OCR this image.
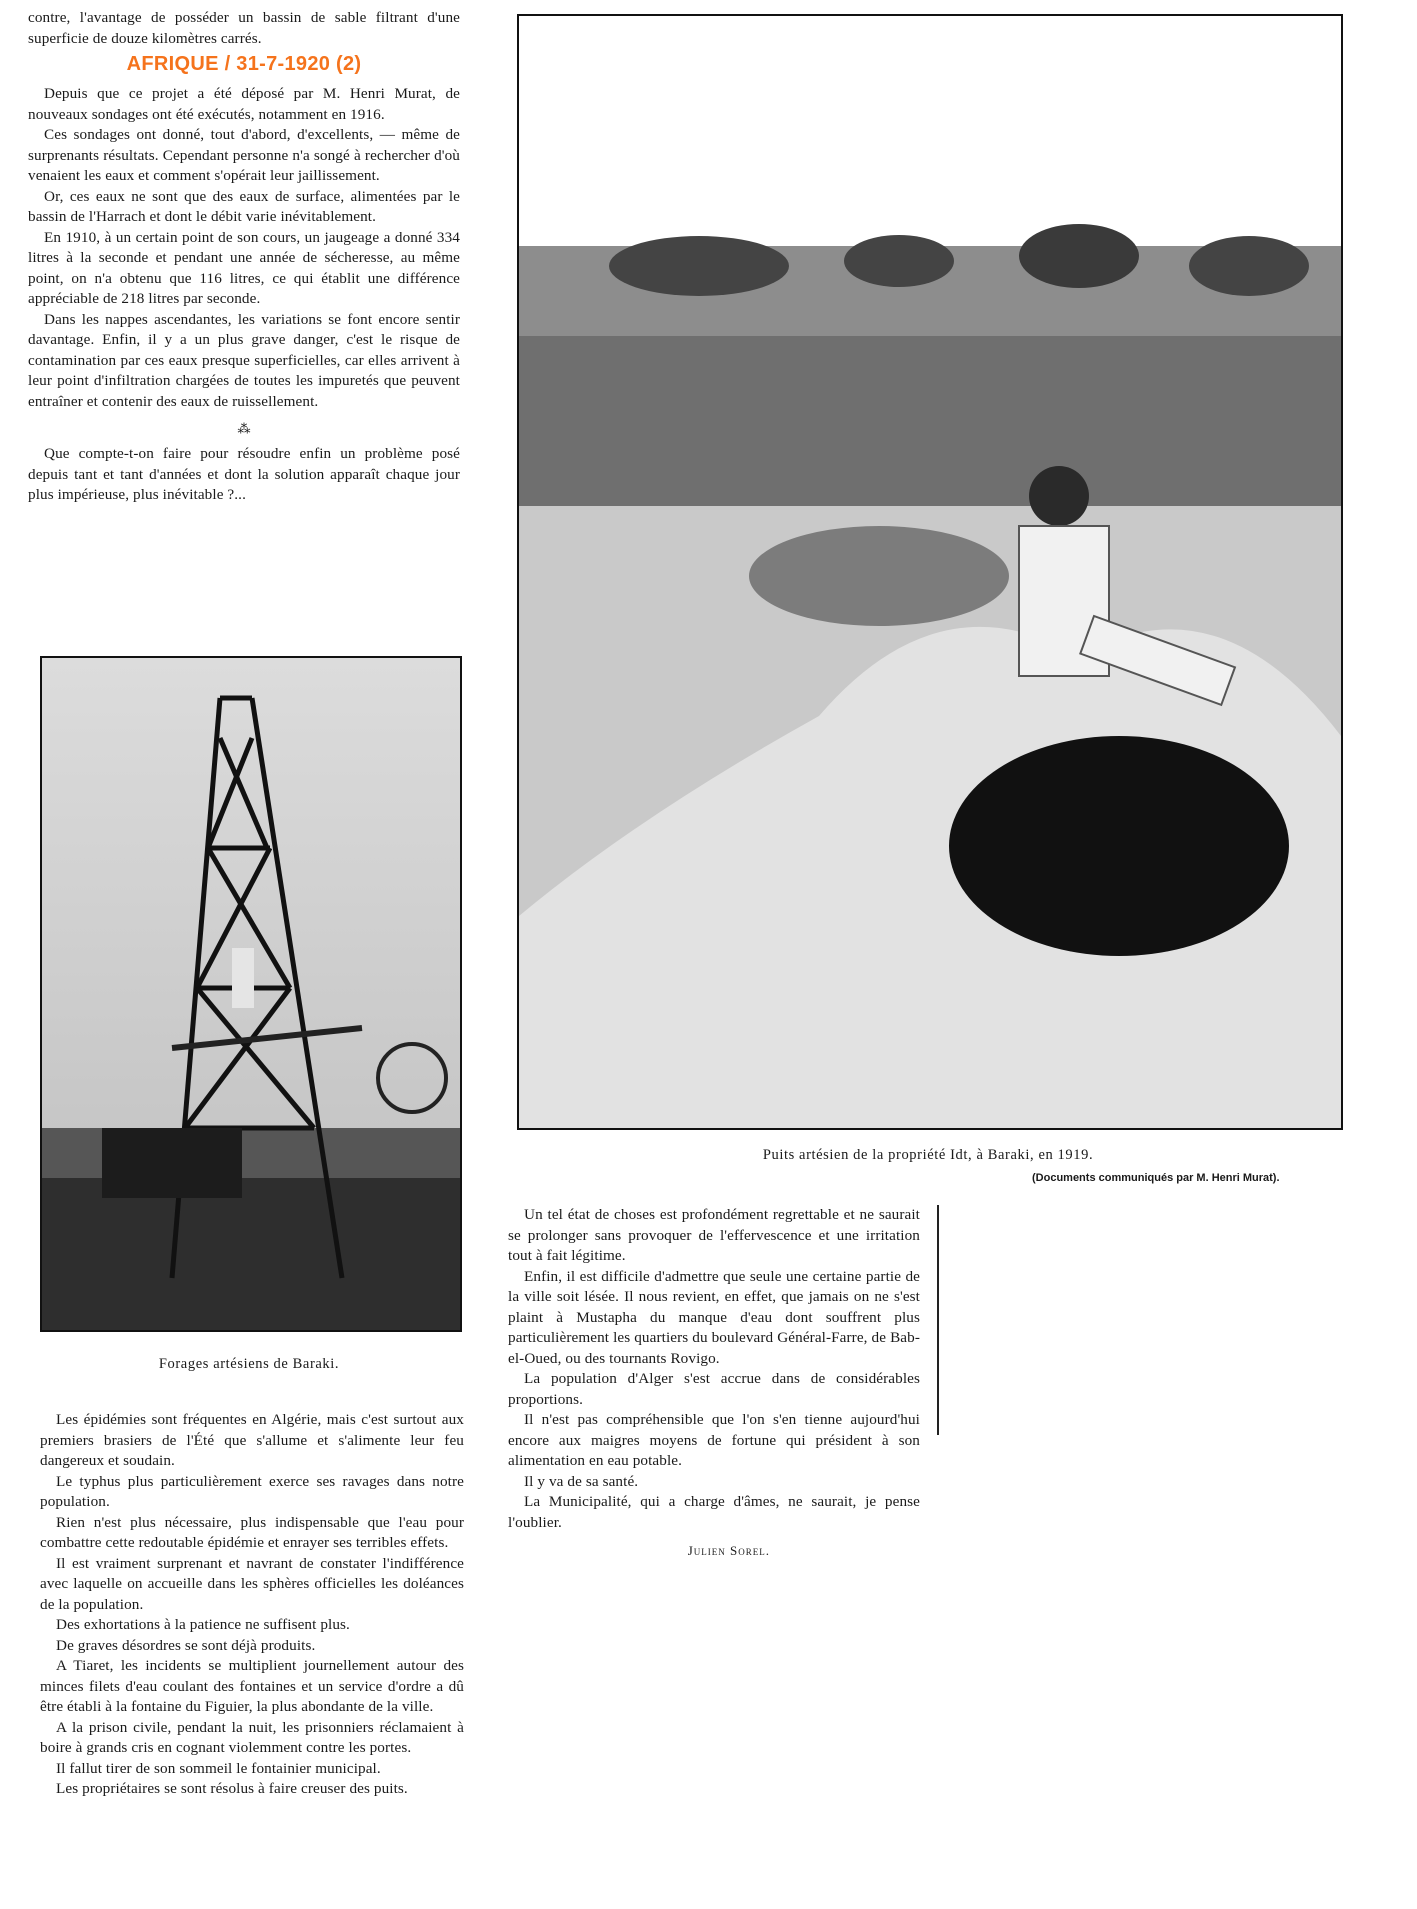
contre, l'avantage de posséder un bassin de sable filtrant d'une superficie de douze kilomètres carrés.

AFRIQUE / 31-7-1920 (2)

Depuis que ce projet a été déposé par M. Henri Murat, de nouveaux sondages ont été exécutés, notamment en 1916.

Ces sondages ont donné, tout d'abord, d'excellents, — même de surprenants résultats. Cependant personne n'a songé à rechercher d'où venaient les eaux et comment s'opérait leur jaillissement.

Or, ces eaux ne sont que des eaux de surface, alimentées par le bassin de l'Harrach et dont le débit varie inévitablement.

En 1910, à un certain point de son cours, un jaugeage a donné 334 litres à la seconde et pendant une année de sécheresse, au même point, on n'a obtenu que 116 litres, ce qui établit une différence appréciable de 218 litres par seconde.

Dans les nappes ascendantes, les variations se font encore sentir davantage. Enfin, il y a un plus grave danger, c'est le risque de contamination par ces eaux presque superficielles, car elles arrivent à leur point d'infiltration chargées de toutes les impuretés que peuvent entraîner et contenir des eaux de ruissellement.

⁂

Que compte-t-on faire pour résoudre enfin un problème posé depuis tant et tant d'années et dont la solution apparaît chaque jour plus impérieuse, plus inévitable ?...

Forages artésiens de Baraki.
Puits artésien de la propriété Idt, à Baraki, en 1919.
(Documents communiqués par M. Henri Murat).

Les épidémies sont fréquentes en Algérie, mais c'est surtout aux premiers brasiers de l'Été que s'allume et s'alimente leur feu dangereux et soudain.

Le typhus plus particulièrement exerce ses ravages dans notre population.

Rien n'est plus nécessaire, plus indispensable que l'eau pour combattre cette redoutable épidémie et enrayer ses terribles effets.

Il est vraiment surprenant et navrant de constater l'indifférence avec laquelle on accueille dans les sphères officielles les doléances de la population.

Des exhortations à la patience ne suffisent plus.

De graves désordres se sont déjà produits.

A Tiaret, les incidents se multiplient journellement autour des minces filets d'eau coulant des fontaines et un service d'ordre a dû être établi à la fontaine du Figuier, la plus abondante de la ville.

A la prison civile, pendant la nuit, les prisonniers réclamaient à boire à grands cris en cognant violemment contre les portes.

Il fallut tirer de son sommeil le fontainier municipal.

Les propriétaires se sont résolus à faire creuser des puits.

Un tel état de choses est profondément regrettable et ne saurait se prolonger sans provoquer de l'effervescence et une irritation tout à fait légitime.

Enfin, il est difficile d'admettre que seule une certaine partie de la ville soit lésée. Il nous revient, en effet, que jamais on ne s'est plaint à Mustapha du manque d'eau dont souffrent plus particulièrement les quartiers du boulevard Général-Farre, de Bab-el-Oued, ou des tournants Rovigo.

La population d'Alger s'est accrue dans de considérables proportions.

Il n'est pas compréhensible que l'on s'en tienne aujourd'hui encore aux maigres moyens de fortune qui président à son alimentation en eau potable.

Il y va de sa santé.

La Municipalité, qui a charge d'âmes, ne saurait, je pense l'oublier.

Julien Sorel.
